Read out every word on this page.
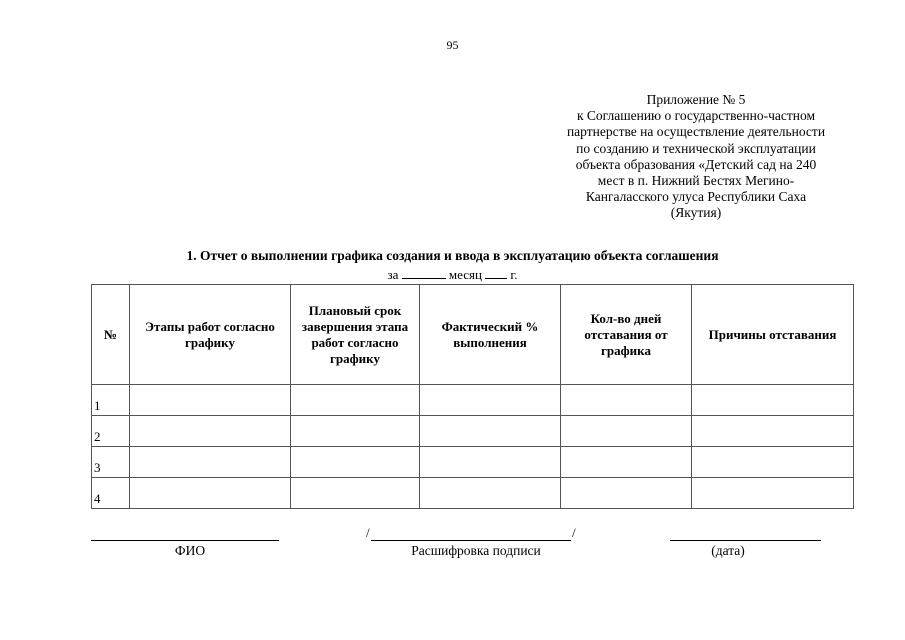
95
Приложение № 5
к Соглашению о государственно-частном
партнерстве на осуществление деятельности
по созданию и технической эксплуатации
объекта образования «Детский сад на 240
мест в п. Нижний Бестях Мегино-
Кангаласского улуса Республики Саха
(Якутия)
1. Отчет о выполнении графика создания и ввода в эксплуатацию объекта соглашения
за	месяц г.
№	Этапы работ согласно графику	Плановый срок завершения этапа работ согласно графику	Фактический % выполнения	Кол-во дней отставания от графика	Причины отставания
1					
2					
3					
4					
/	/
ФИО	Расшифровка подписи	(дата)
